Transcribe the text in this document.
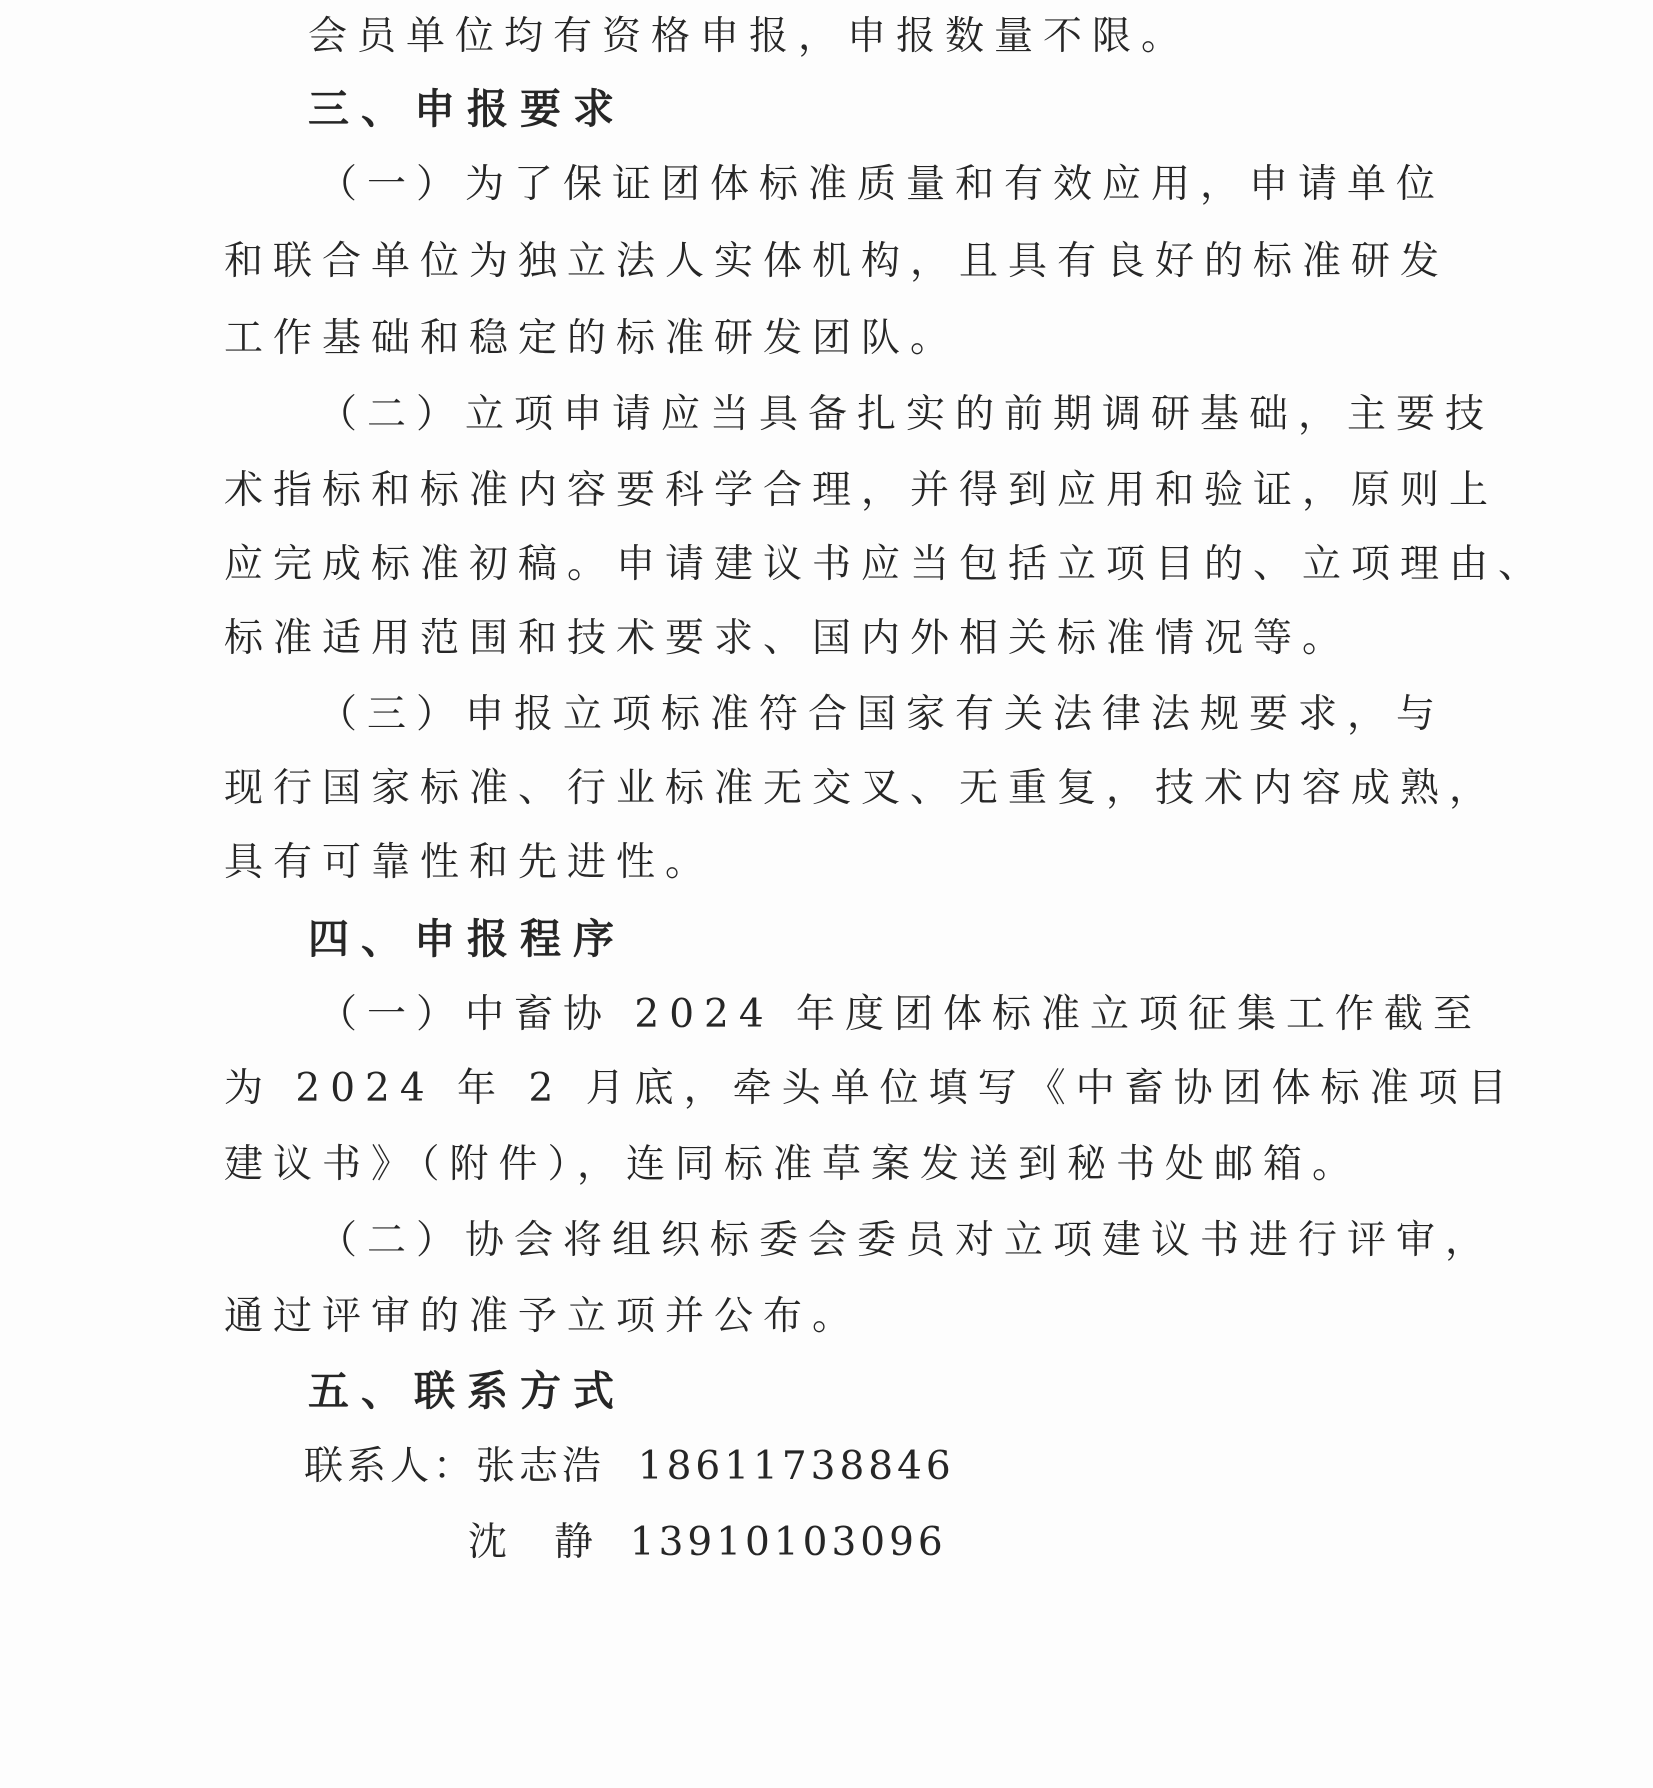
会员单位均有资格申报，申报数量不限。

三、申报要求

（一）为了保证团体标准质量和有效应用，申请单位

和联合单位为独立法人实体机构，且具有良好的标准研发

工作基础和稳定的标准研发团队。

（二）立项申请应当具备扎实的前期调研基础，主要技

术指标和标准内容要科学合理，并得到应用和验证，原则上

应完成标准初稿。申请建议书应当包括立项目的、立项理由、

标准适用范围和技术要求、国内外相关标准情况等。

（三）申报立项标准符合国家有关法律法规要求，与

现行国家标准、行业标准无交叉、无重复，技术内容成熟，

具有可靠性和先进性。

四、申报程序

（一）中畜协 2024 年度团体标准立项征集工作截至

为 2024 年 2 月底，牵头单位填写《中畜协团体标准项目

建议书》（附件），连同标准草案发送到秘书处邮箱。

（二）协会将组织标委会委员对立项建议书进行评审，

通过评审的准予立项并公布。

五、联系方式

联系人：张志浩  18611738846

沈　静  13910103096
